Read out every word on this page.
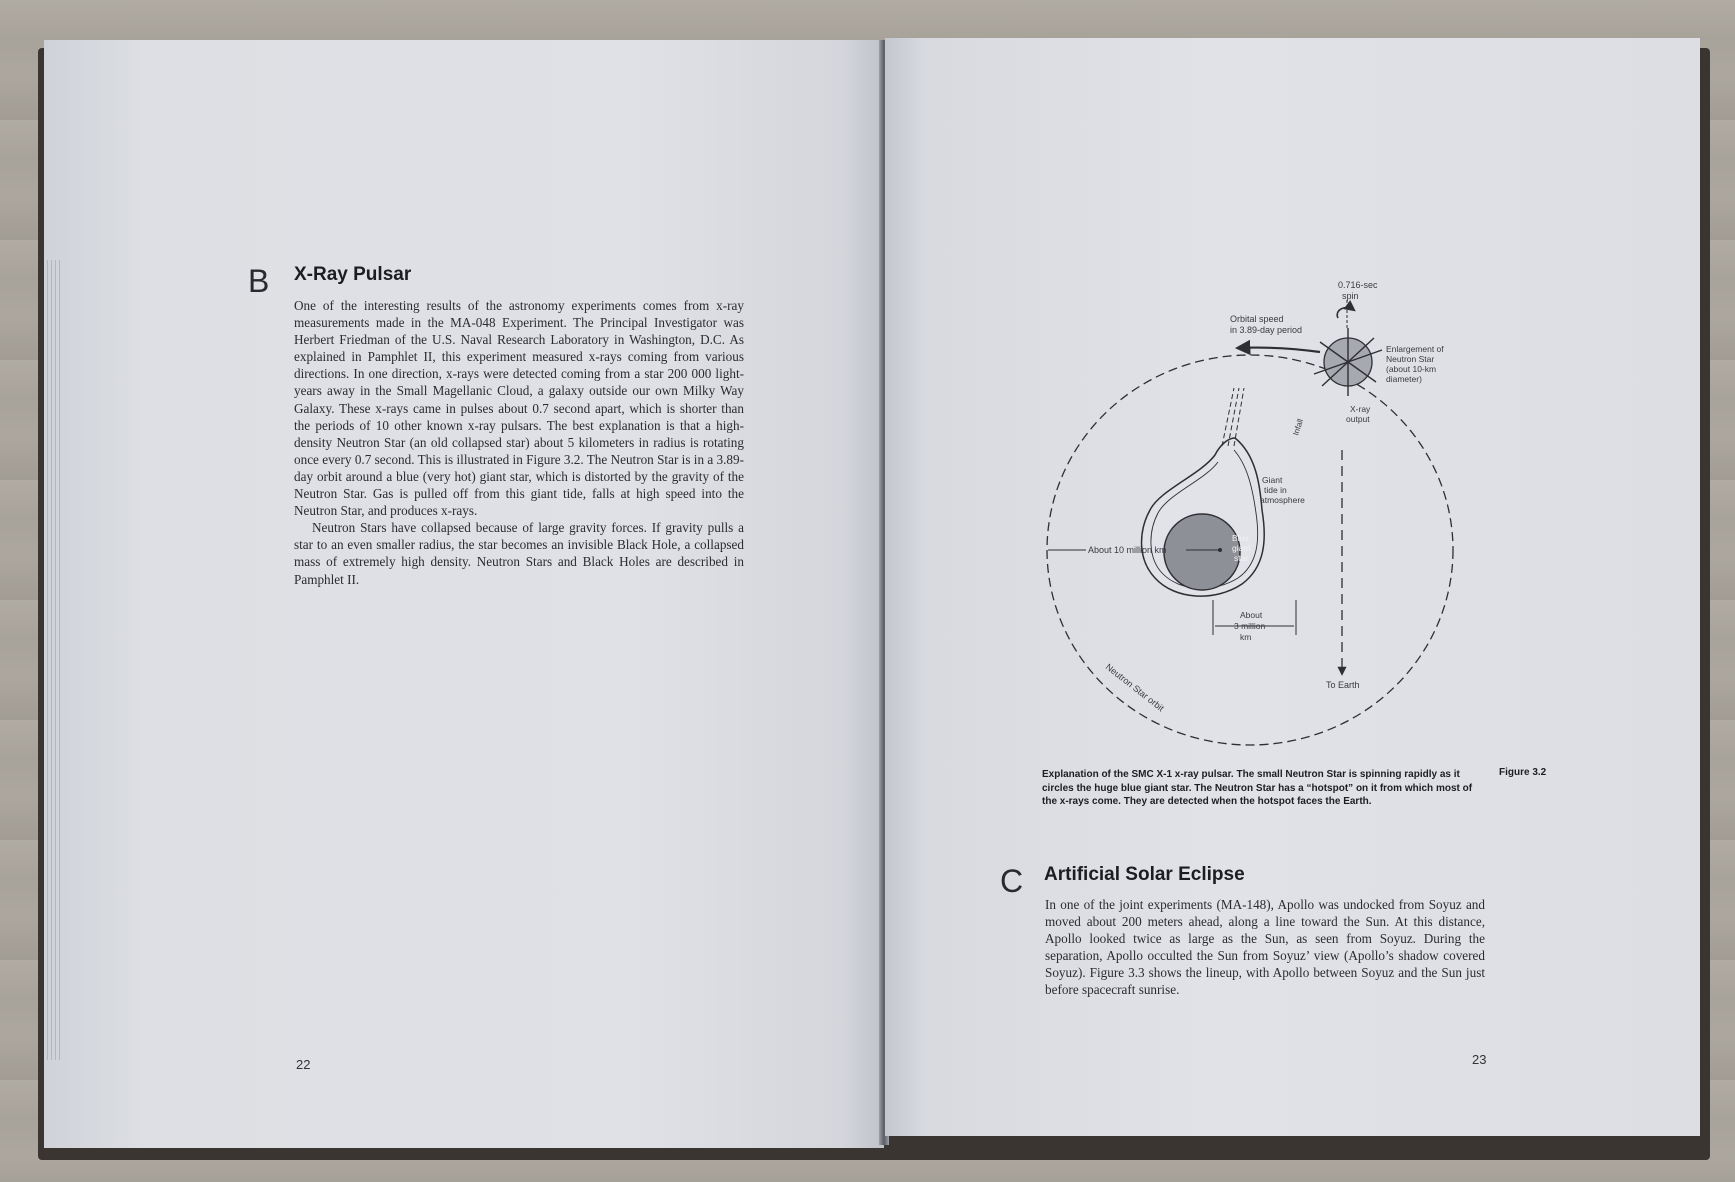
B X-Ray Pulsar

One of the interesting results of the astronomy experiments comes from x-ray measurements made in the MA-048 Experiment. The Principal Investigator was Herbert Friedman of the U.S. Naval Research Laboratory in Washington, D.C. As explained in Pamphlet II, this experiment measured x-rays coming from various directions. In one direction, x-rays were detected coming from a star 200 000 light-years away in the Small Magellanic Cloud, a galaxy outside our own Milky Way Galaxy. These x-rays came in pulses about 0.7 second apart, which is shorter than the periods of 10 other known x-ray pulsars. The best explanation is that a high-density Neutron Star (an old collapsed star) about 5 kilometers in radius is rotating once every 0.7 second. This is illustrated in Figure 3.2. The Neutron Star is in a 3.89-day orbit around a blue (very hot) giant star, which is distorted by the gravity of the Neutron Star. Gas is pulled off from this giant tide, falls at high speed into the Neutron Star, and produces x-rays.

Neutron Stars have collapsed because of large gravity forces. If gravity pulls a star to an even smaller radius, the star becomes an invisible Black Hole, a collapsed mass of extremely high density. Neutron Stars and Black Holes are described in Pamphlet II.

22
0.716-sec
spin
Orbital speed
in 3.89-day period
Enlargement of
Neutron Star
(about 10-km
diameter)
X-ray
output
Infall
Giant
tide in
atmosphere
Blue
giant
star
About 10 million km
About
3 million
km
To Earth
Neutron Star orbit
Explanation of the SMC X-1 x-ray pulsar. The small Neutron Star is spinning rapidly as it circles the huge blue giant star. The Neutron Star has a “hotspot” on it from which most of the x-rays come. They are detected when the hotspot faces the Earth.
Figure 3.2
C Artificial Solar Eclipse

In one of the joint experiments (MA-148), Apollo was undocked from Soyuz and moved about 200 meters ahead, along a line toward the Sun. At this distance, Apollo looked twice as large as the Sun, as seen from Soyuz. During the separation, Apollo occulted the Sun from Soyuz’ view (Apollo’s shadow covered Soyuz). Figure 3.3 shows the lineup, with Apollo between Soyuz and the Sun just before spacecraft sunrise.

23
